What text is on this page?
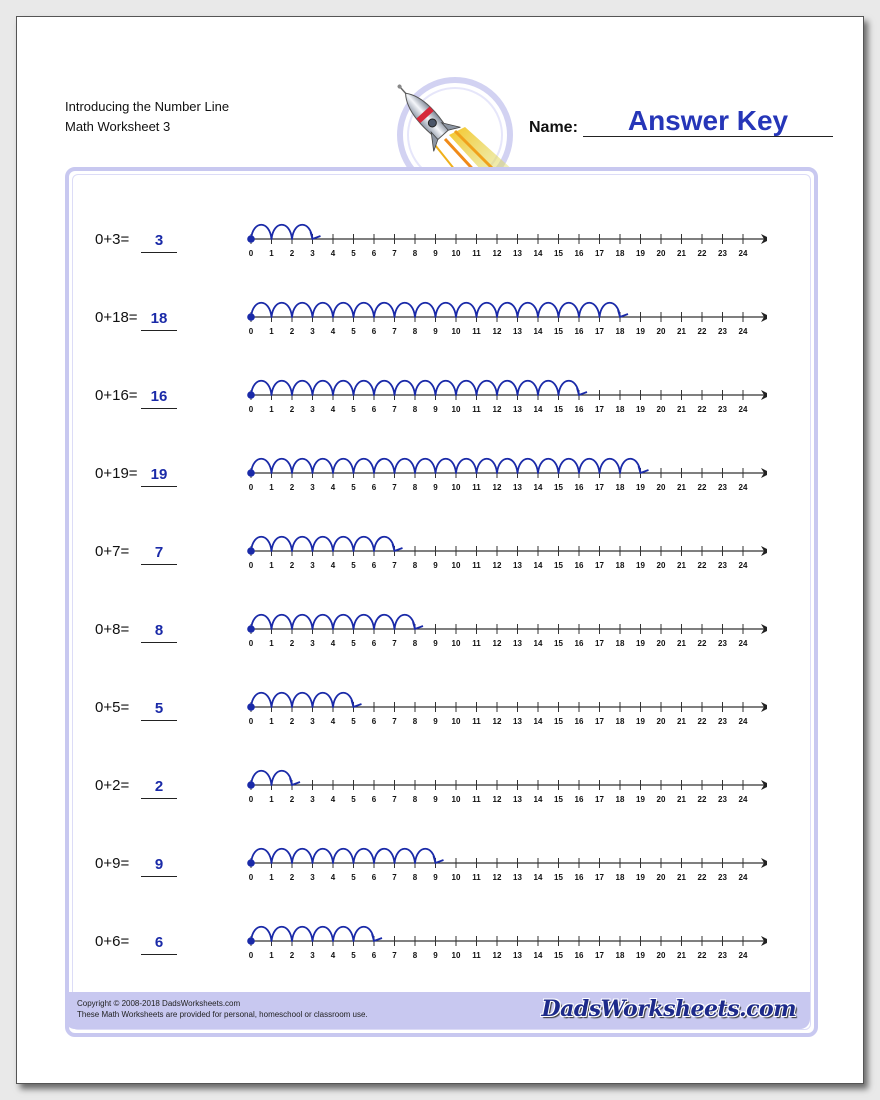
Introducing the Number Line
Math Worksheet 3	Name:	Answer Key
0+3=	3
0 1 2 3 4 5 6 7 8 9 10 11 12 13 14 15 16 17 18 19 20 21 22 23 24
0+18= 18
0 1 2 3 4 5 6 7 8 9 10 11 12 13 14 15 16 17 18 19 20 21 22 23 24
0+16= 16
0 1 2 3 4 5 6 7 8 9 10 11 12 13 14 15 16 17 18 19 20 21 22 23 24
0+19= 19
0 1 2 3 4 5 6 7 8 9 10 11 12 13 14 15 16 17 18 19 20 21 22 23 24
0+7=	7
0 1 2 3 4 5 6 7 8 9 10 11 12 13 14 15 16 17 18 19 20 21 22 23 24
0+8=	8
0 1 2 3 4 5 6 7 8 9 10 11 12 13 14 15 16 17 18 19 20 21 22 23 24
0+5=	5
0 1 2 3 4 5 6 7 8 9 10 11 12 13 14 15 16 17 18 19 20 21 22 23 24
0+2=	2
0 1 2 3 4 5 6 7 8 9 10 11 12 13 14 15 16 17 18 19 20 21 22 23 24
0+9=	9
0 1 2 3 4 5 6 7 8 9 10 11 12 13 14 15 16 17 18 19 20 21 22 23 24
0+6=	6
0 1 2 3 4 5 6 7 8 9 10 11 12 13 14 15 16 17 18 19 20 21 22 23 24
Copyright © 2008-2018 DadsWorksheets.com
These Math Worksheets are provided for personal, homeschool or classroom use.	DadsWorksheets.com
